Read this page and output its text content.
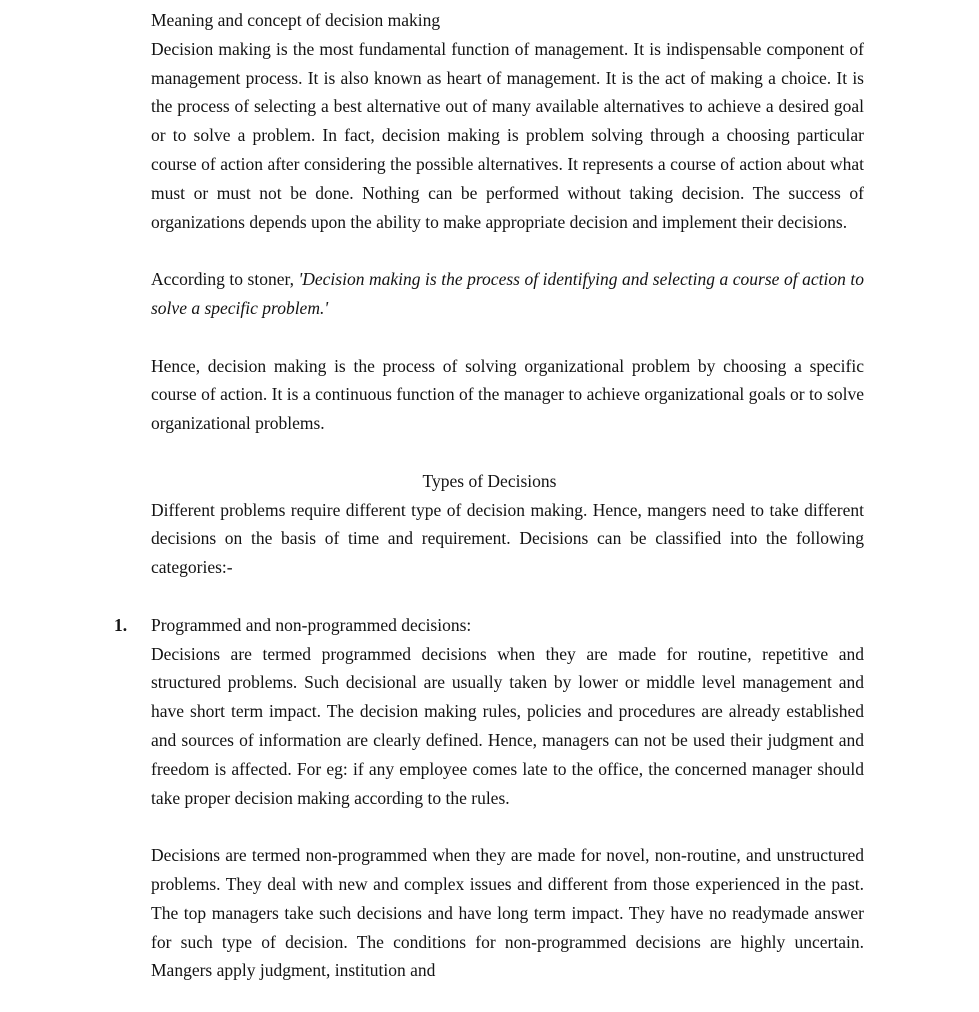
Meaning and concept of decision making

Decision making is the most fundamental function of management. It is indispensable component of management process. It is also known as heart of management. It is the act of making a choice. It is the process of selecting a best alternative out of many available alternatives to achieve a desired goal or to solve a problem. In fact, decision making is problem solving through a choosing particular course of action after considering the possible alternatives. It represents a course of action about what must or must not be done. Nothing can be performed without taking decision. The success of organizations depends upon the ability to make appropriate decision and implement their decisions.

According to stoner, 'Decision making is the process of identifying and selecting a course of action to solve a specific problem.'

Hence, decision making is the process of solving organizational problem by choosing a specific course of action. It is a continuous function of the manager to achieve organizational goals or to solve organizational problems.

Types of Decisions

Different problems require different type of decision making. Hence, mangers need to take different decisions on the basis of time and requirement. Decisions can be classified into the following categories:-

1. Programmed and non-programmed decisions:

Decisions are termed programmed decisions when they are made for routine, repetitive and structured problems. Such decisional are usually taken by lower or middle level management and have short term impact. The decision making rules, policies and procedures are already established and sources of information are clearly defined. Hence, managers can not be used their judgment and freedom is affected. For eg: if any employee comes late to the office, the concerned manager should take proper decision making according to the rules.

Decisions are termed non-programmed when they are made for novel, non-routine, and unstructured problems. They deal with new and complex issues and different from those experienced in the past. The top managers take such decisions and have long term impact. They have no readymade answer for such type of decision. The conditions for non-programmed decisions are highly uncertain. Mangers apply judgment, institution and
